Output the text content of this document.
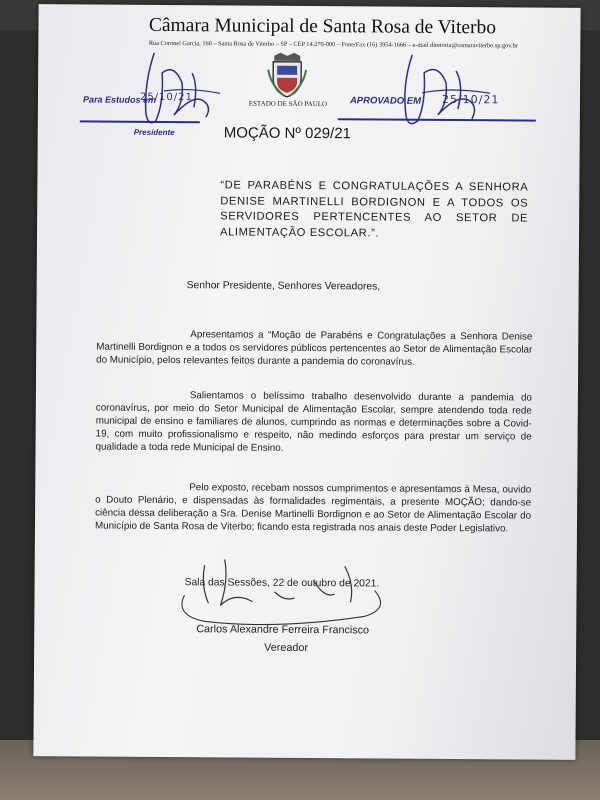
Câmara Municipal de Santa Rosa de Viterbo
Rua Coronel Garcia, 160 – Santa Rosa de Viterbo – SP – CEP 14.270-000 – Fone/Fax (16) 3954-1666 – e-mail diretoria@camaraviterbo.sp.gov.br
ESTADO DE SÃO PAULO
Para Estudos em
25/10/21
Presidente
APROVADO EM 25/10/21
MOÇÃO Nº 029/21
“DE PARABÉNS E CONGRATULAÇÕES A SENHORA DENISE MARTINELLI BORDIGNON E A TODOS OS SERVIDORES PERTENCENTES AO SETOR DE ALIMENTAÇÃO ESCOLAR.”.
Senhor Presidente, Senhores Vereadores,
Apresentamos a “Moção de Parabéns e Congratulações a Senhora Denise Martinelli Bordignon e a todos os servidores públicos pertencentes ao Setor de Alimentação Escolar do Município, pelos relevantes feitos durante a pandemia do coronavírus.
Salientamos o belíssimo trabalho desenvolvido durante a pandemia do coronavírus, por meio do Setor Municipal de Alimentação Escolar, sempre atendendo toda rede municipal de ensino e familiares de alunos, cumprindo as normas e determinações sobre a Covid-19, com muito profissionalismo e respeito, não medindo esforços para prestar um serviço de qualidade a toda rede Municipal de Ensino.
Pelo exposto, recebam nossos cumprimentos e apresentamos à Mesa, ouvido o Douto Plenário, e dispensadas às formalidades regimentais, a presente MOÇÃO; dando-se ciência dessa deliberação a Sra. Denise Martinelli Bordignon e ao Setor de Alimentação Escolar do Município de Santa Rosa de Viterbo; ficando esta registrada nos anais deste Poder Legislativo.
Sala das Sessões, 22 de outubro de 2021.
Carlos Alexandre Ferreira Francisco
Vereador
